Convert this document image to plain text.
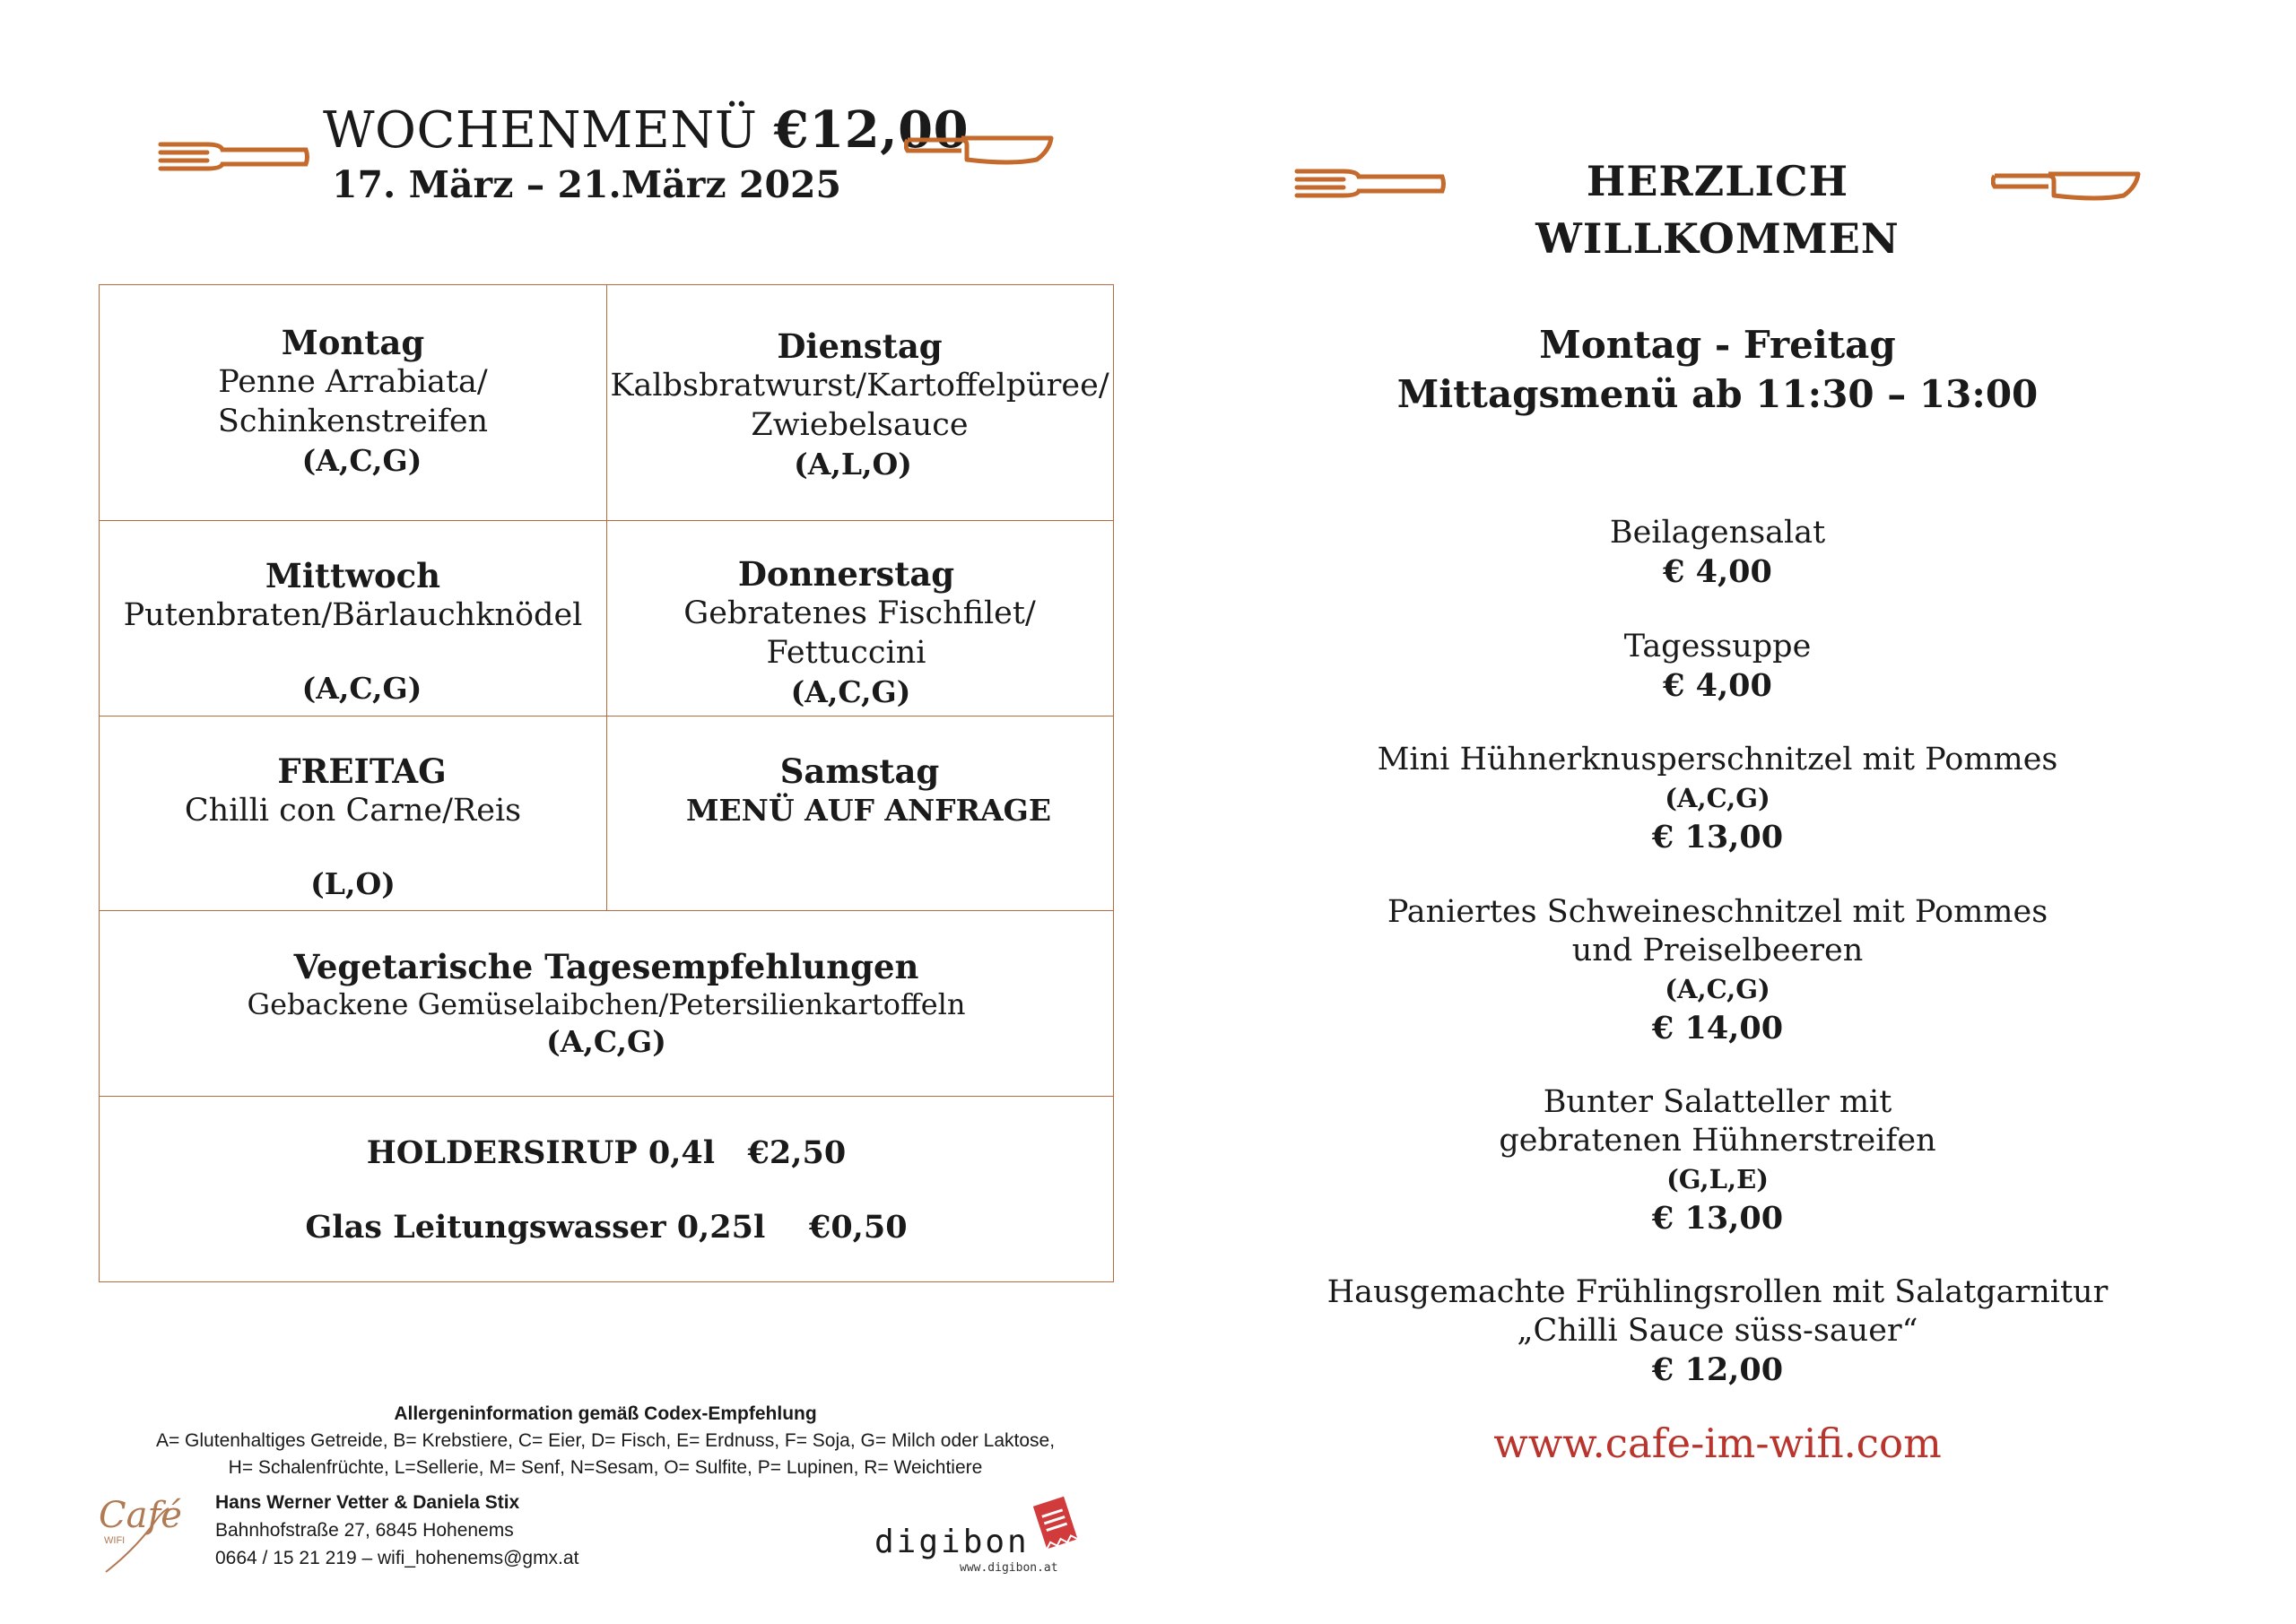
WOCHENMENÜ €12,00
17. März – 21.März 2025
Montag
Penne Arrabiata/
Schinkenstreifen
(A,C,G)
Dienstag
Kalbsbratwurst/Kartoffelpüree/
Zwiebelsauce
(A,L,O)
Mittwoch
Putenbraten/Bärlauchknödel
(A,C,G)
Donnerstag
Gebratenes Fischfilet/
Fettuccini
(A,C,G)
FREITAG
Chilli con Carne/Reis
(L,O)
Samstag
MENÜ AUF ANFRAGE
Vegetarische Tagesempfehlungen
Gebackene Gemüselaibchen/Petersilienkartoffeln
(A,C,G)
HOLDERSIRUP 0,4l   €2,50
Glas Leitungswasser 0,25l    €0,50
Allergeninformation gemäß Codex-Empfehlung
A= Glutenhaltiges Getreide, B= Krebstiere, C= Eier, D= Fisch, E= Erdnuss, F= Soja, G= Milch oder Laktose,
H= Schalenfrüchte, L=Sellerie, M= Senf, N=Sesam, O= Sulfite, P= Lupinen, R= Weichtiere
Café
WIFI
Hans Werner Vetter & Daniela Stix
Bahnhofstraße 27, 6845 Hohenems
0664 / 15 21 219 – wifi_hohenems@gmx.at	digibon
www.digibon.at
HERZLICH
WILLKOMMEN
Montag - Freitag
Mittagsmenü ab 11:30 – 13:00
Beilagensalat
€ 4,00
Tagessuppe
€ 4,00
Mini Hühnerknusperschnitzel mit Pommes
(A,C,G)
€ 13,00
Paniertes Schweineschnitzel mit Pommes
und Preiselbeeren
(A,C,G)
€ 14,00
Bunter Salatteller mit
gebratenen Hühnerstreifen
(G,L,E)
€ 13,00
Hausgemachte Frühlingsrollen mit Salatgarnitur
„Chilli Sauce süss-sauer“
€ 12,00
www.cafe-im-wifi.com
